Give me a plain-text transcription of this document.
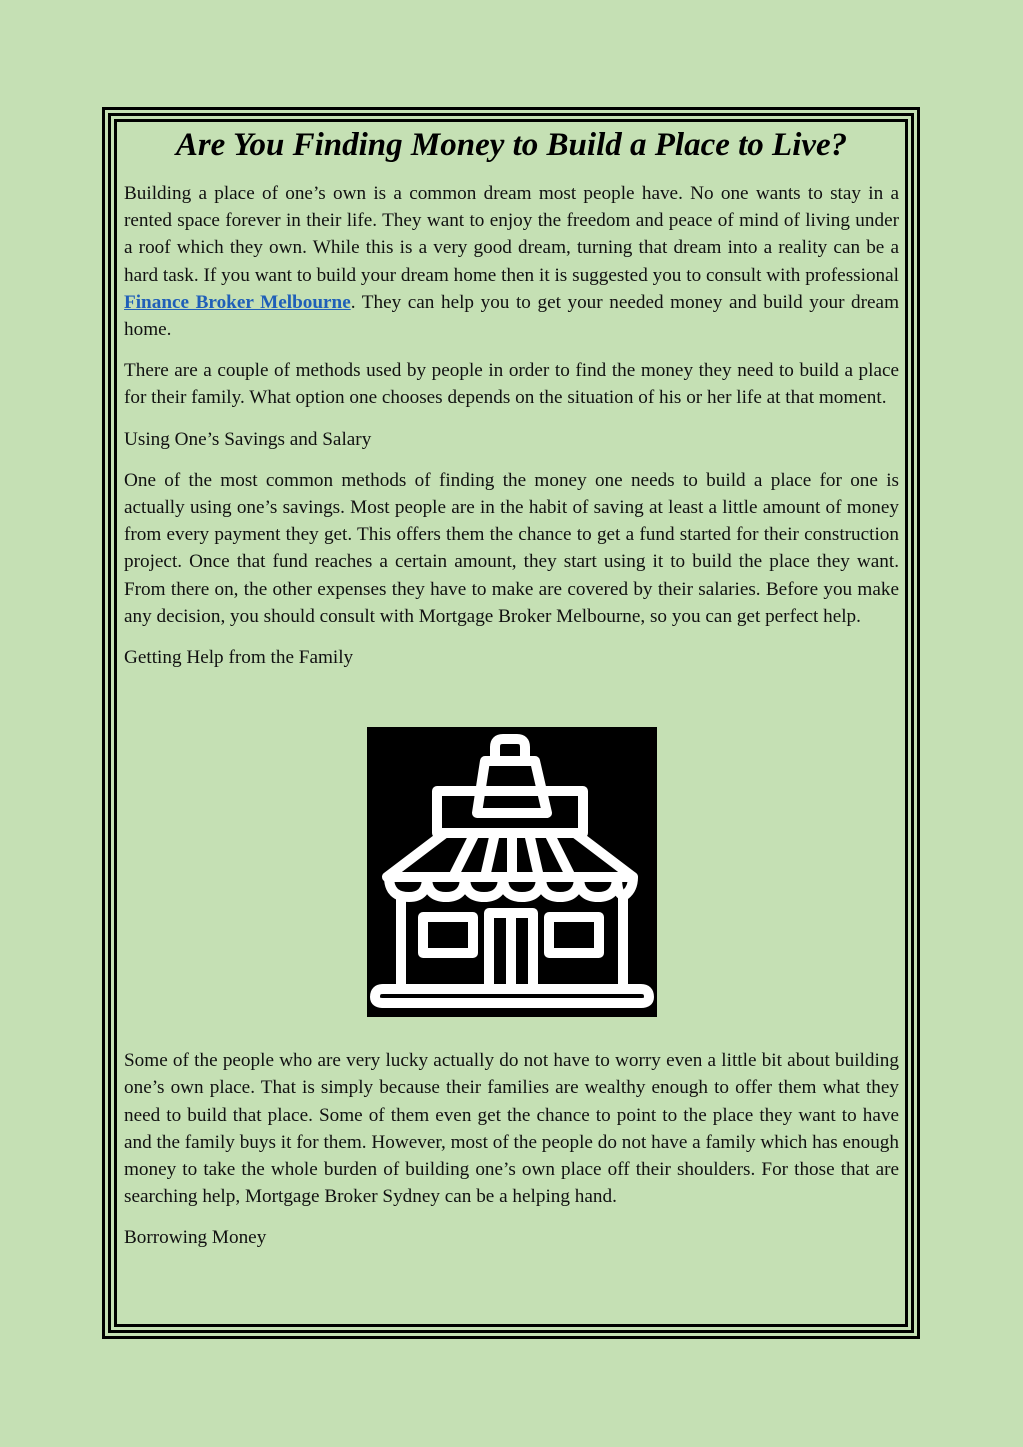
Are You Finding Money to Build a Place to Live?

Building a place of one’s own is a common dream most people have. No one wants to stay in a rented space forever in their life. They want to enjoy the freedom and peace of mind of living under a roof which they own. While this is a very good dream, turning that dream into a reality can be a hard task. If you want to build your dream home then it is suggested you to consult with professional Finance Broker Melbourne. They can help you to get your needed money and build your dream home.

There are a couple of methods used by people in order to find the money they need to build a place for their family. What option one chooses depends on the situation of his or her life at that moment.

Using One’s Savings and Salary

One of the most common methods of finding the money one needs to build a place for one is actually using one’s savings. Most people are in the habit of saving at least a little amount of money from every payment they get. This offers them the chance to get a fund started for their construction project. Once that fund reaches a certain amount, they start using it to build the place they want. From there on, the other expenses they have to make are covered by their salaries. Before you make any decision, you should consult with Mortgage Broker Melbourne, so you can get perfect help.

Getting Help from the Family

Some of the people who are very lucky actually do not have to worry even a little bit about building one’s own place. That is simply because their families are wealthy enough to offer them what they need to build that place. Some of them even get the chance to point to the place they want to have and the family buys it for them. However, most of the people do not have a family which has enough money to take the whole burden of building one’s own place off their shoulders. For those that are searching help, Mortgage Broker Sydney can be a helping hand.

Borrowing Money
